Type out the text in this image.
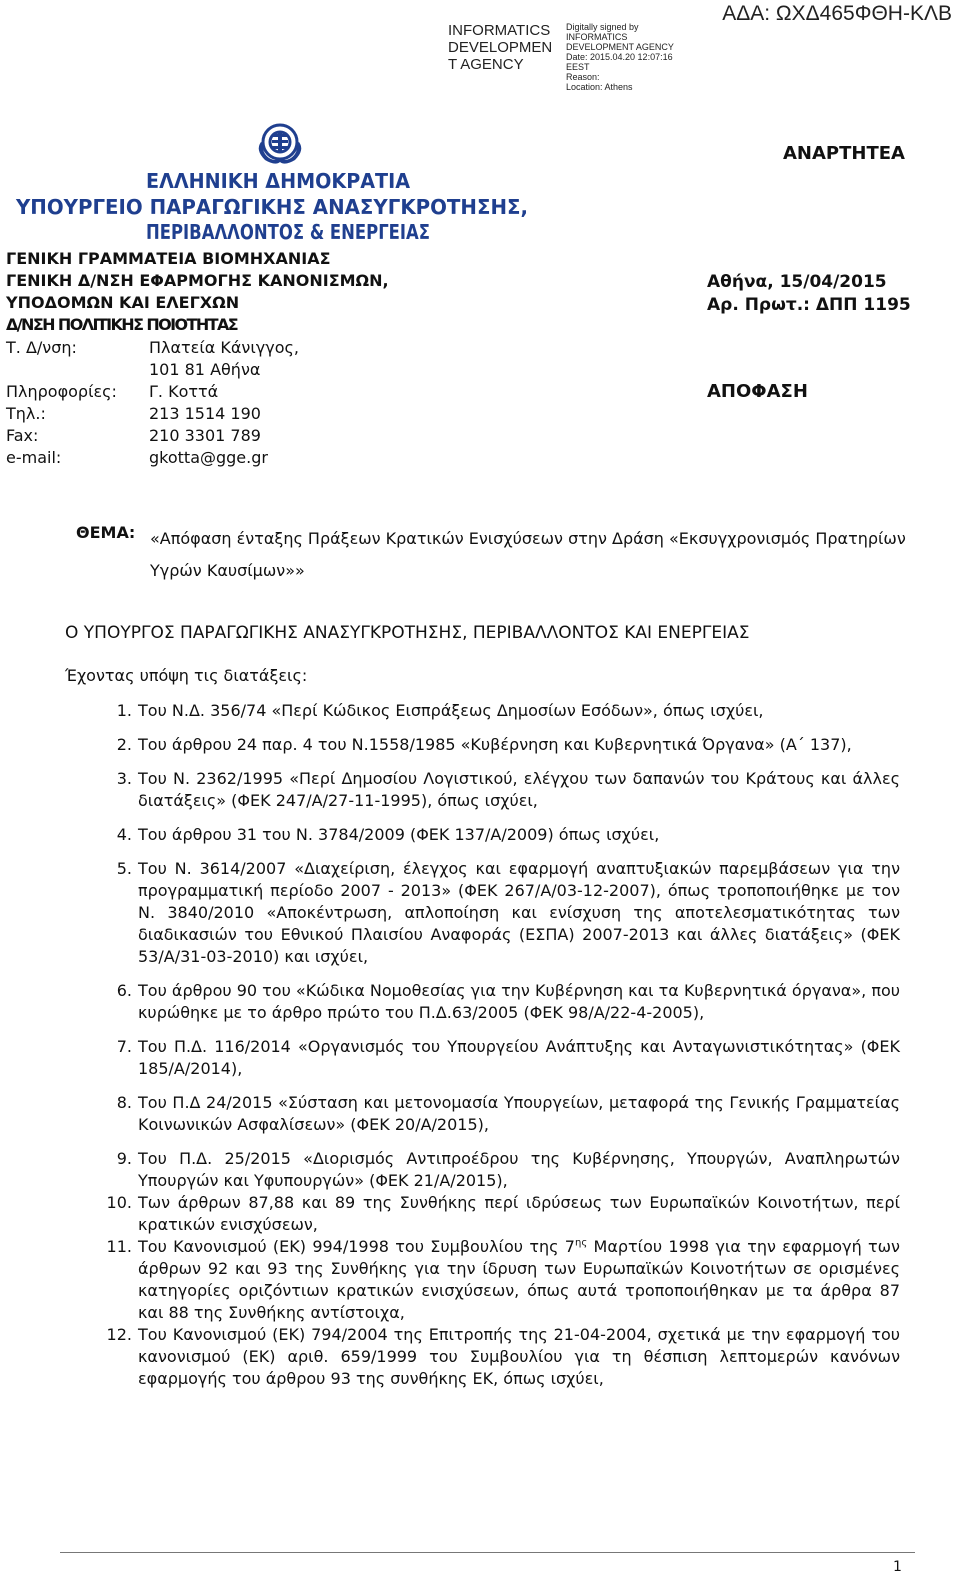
ΑΔΑ: ΩΧΔ465ΦΘΗ-ΚΛΒ
INFORMATICS
DEVELOPMEN
T AGENCY
Digitally signed by
INFORMATICS
DEVELOPMENT AGENCY
Date: 2015.04.20 12:07:16
EEST
Reason:
Location: Athens
ΕΛΛΗΝΙΚΗ ΔΗΜΟΚΡΑΤΙΑ
ΥΠΟΥΡΓΕΙΟ ΠΑΡΑΓΩΓΙΚΗΣ ΑΝΑΣΥΓΚΡΟΤΗΣΗΣ,
ΠΕΡΙΒΑΛΛΟΝΤΟΣ & ΕΝΕΡΓΕΙΑΣ
ΑΝΑΡΤΗΤΕΑ
ΓΕΝΙΚΗ ΓΡΑΜΜΑΤΕΙΑ ΒΙΟΜΗΧΑΝΙΑΣ
ΓΕΝΙΚΗ Δ/ΝΣΗ ΕΦΑΡΜΟΓΗΣ ΚΑΝΟΝΙΣΜΩΝ,
ΥΠΟΔΟΜΩΝ ΚΑΙ ΕΛΕΓΧΩΝ
Δ/ΝΣΗ ΠΟΛΙΤΙΚΗΣ ΠΟΙΟΤΗΤΑΣ
Αθήνα, 15/04/2015
Αρ. Πρωτ.: ΔΠΠ 1195
ΑΠΟΦΑΣΗ
Τ. Δ/νση:	Πλατεία Κάνιγγος,
101 81 Αθήνα
Πληροφορίες: Γ. Κοττά
Τηλ.:	213 1514 190
Fax:	210 3301 789
e-mail:	gkotta@gge.gr
ΘΕΜΑ: «Απόφαση ένταξης Πράξεων Κρατικών Ενισχύσεων στην Δράση «Εκσυγχρονισμός Πρατηρίων Υγρών Καυσίμων»»
Ο ΥΠΟΥΡΓΟΣ ΠΑΡΑΓΩΓΙΚΗΣ ΑΝΑΣΥΓΚΡΟΤΗΣΗΣ, ΠΕΡΙΒΑΛΛΟΝΤΟΣ ΚΑΙ ΕΝΕΡΓΕΙΑΣ
Έχοντας υπόψη τις διατάξεις:
1. Του Ν.Δ. 356/74 «Περί Κώδικος Εισπράξεως Δημοσίων Εσόδων», όπως ισχύει,
2. Του άρθρου 24 παρ. 4 του Ν.1558/1985 «Κυβέρνηση και Κυβερνητικά Όργανα» (Α΄ 137),
3. Του Ν. 2362/1995 «Περί Δημοσίου Λογιστικού, ελέγχου των δαπανών του Κράτους και άλλες διατάξεις» (ΦΕΚ 247/Α/27-11-1995), όπως ισχύει,
4. Του άρθρου 31 του Ν. 3784/2009 (ΦΕΚ 137/Α/2009) όπως ισχύει,
5. Του Ν. 3614/2007 «Διαχείριση, έλεγχος και εφαρμογή αναπτυξιακών παρεμβάσεων για την προγραμματική περίοδο 2007 - 2013» (ΦΕΚ 267/Α/03-12-2007), όπως τροποποιήθηκε με τον Ν. 3840/2010 «Αποκέντρωση, απλοποίηση και ενίσχυση της αποτελεσματικότητας των διαδικασιών του Εθνικού Πλαισίου Αναφοράς (ΕΣΠΑ) 2007-2013 και άλλες διατάξεις» (ΦΕΚ 53/Α/31-03-2010) και ισχύει,
6. Του άρθρου 90 του «Κώδικα Νομοθεσίας για την Κυβέρνηση και τα Κυβερνητικά όργανα», που κυρώθηκε με το άρθρο πρώτο του Π.Δ.63/2005 (ΦΕΚ 98/Α/22-4-2005),
7. Του Π.Δ. 116/2014 «Οργανισμός του Υπουργείου Ανάπτυξης και Ανταγωνιστικότητας» (ΦΕΚ 185/Α/2014),
8. Του Π.Δ 24/2015 «Σύσταση και μετονομασία Υπουργείων, μεταφορά της Γενικής Γραμματείας Κοινωνικών Ασφαλίσεων» (ΦΕΚ 20/Α/2015),
9. Του Π.Δ. 25/2015 «Διορισμός Αντιπροέδρου της Κυβέρνησης, Υπουργών, Αναπληρωτών Υπουργών και Υφυπουργών» (ΦΕΚ 21/Α/2015),
10. Των άρθρων 87,88 και 89 της Συνθήκης περί ιδρύσεως των Ευρωπαϊκών Κοινοτήτων, περί κρατικών ενισχύσεων,
11. Του Κανονισμού (ΕΚ) 994/1998 του Συμβουλίου της $7^{\eta\varsigma}$ Μαρτίου 1998 για την εφαρμογή των άρθρων 92 και 93 της Συνθήκης για την ίδρυση των Ευρωπαϊκών Κοινοτήτων σε ορισμένες κατηγορίες οριζόντιων κρατικών ενισχύσεων, όπως αυτά τροποποιήθηκαν με τα άρθρα 87 και 88 της Συνθήκης αντίστοιχα,
12. Του Κανονισμού (ΕΚ) 794/2004 της Επιτροπής της 21-04-2004, σχετικά με την εφαρμογή του κανονισμού (ΕΚ) αριθ. 659/1999 του Συμβουλίου για τη θέσπιση λεπτομερών κανόνων εφαρμογής του άρθρου 93 της συνθήκης ΕΚ, όπως ισχύει,
1
